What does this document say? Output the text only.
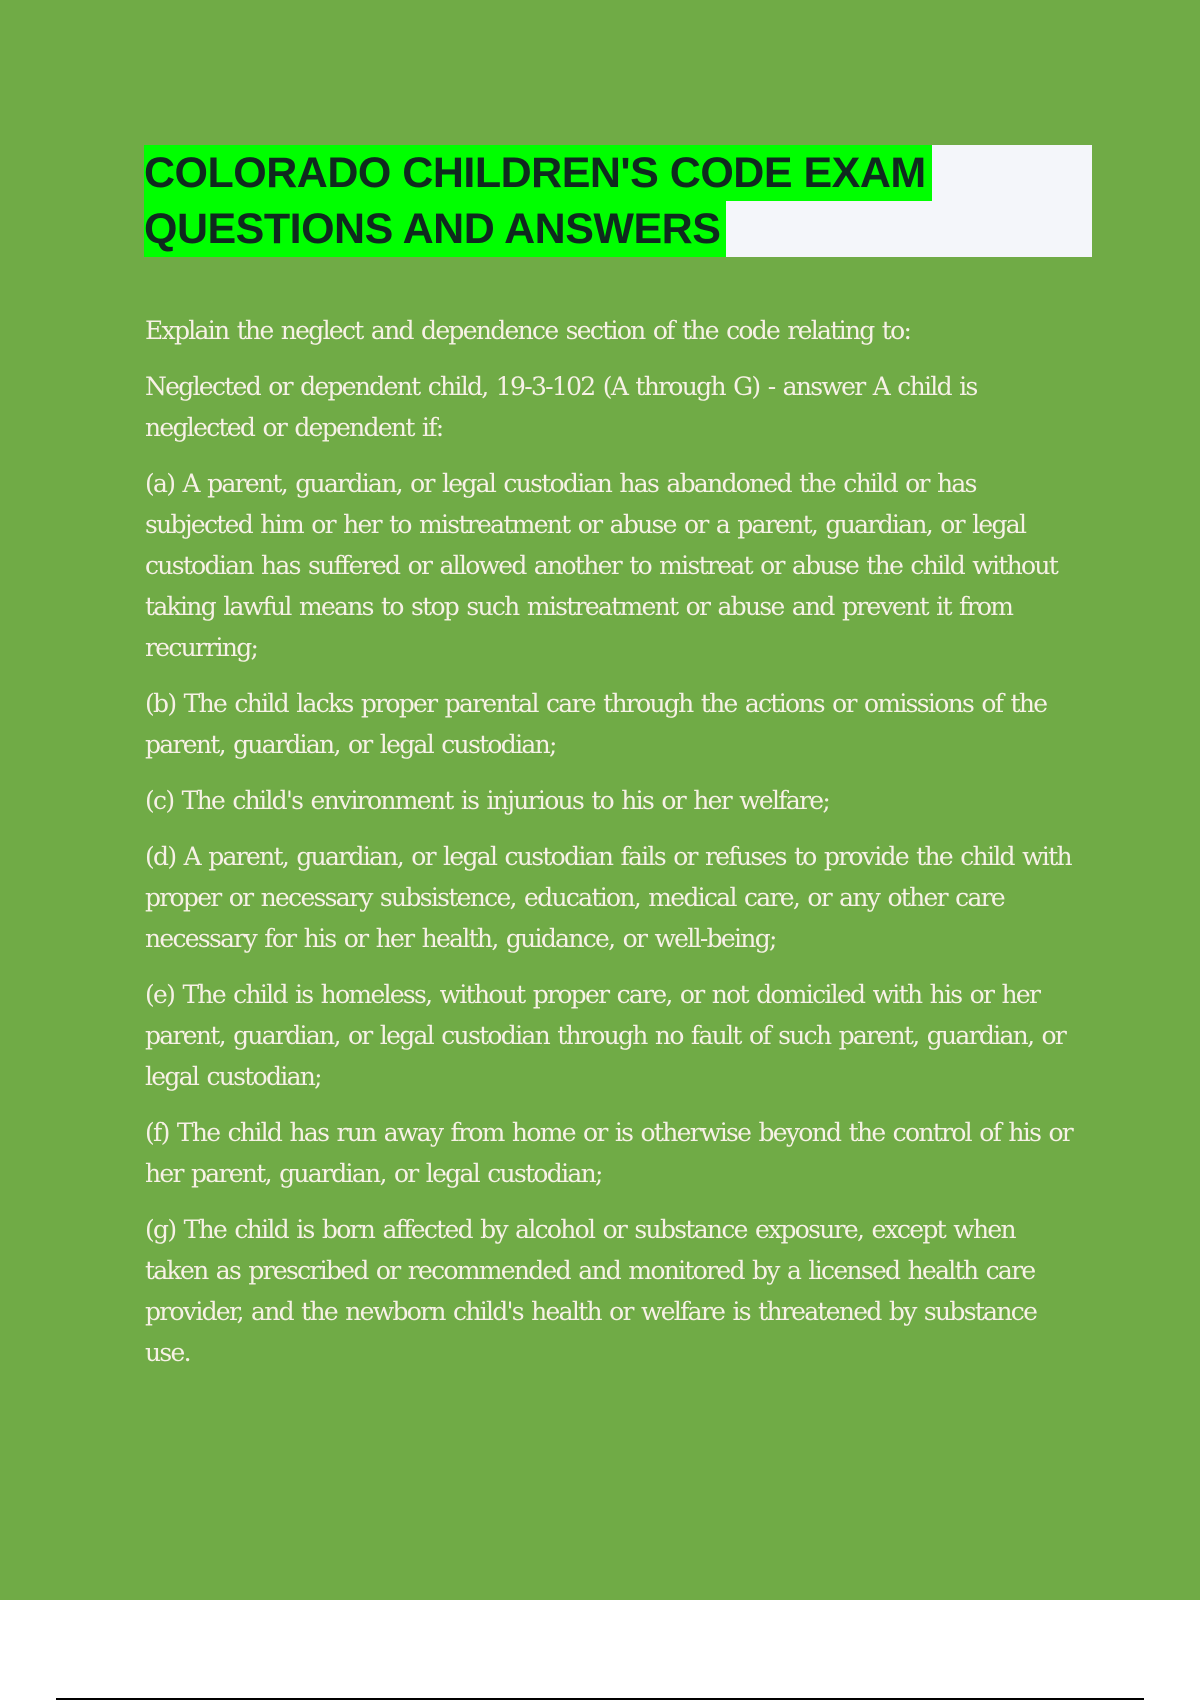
COLORADO CHILDREN'S CODE EXAM
QUESTIONS AND ANSWERS

Explain the neglect and dependence section of the code relating to:

Neglected or dependent child, 19-3-102 (A through G) - answer A child is neglected or dependent if:

(a) A parent, guardian, or legal custodian has abandoned the child or has subjected him or her to mistreatment or abuse or a parent, guardian, or legal custodian has suffered or allowed another to mistreat or abuse the child without taking lawful means to stop such mistreatment or abuse and prevent it from recurring;

(b) The child lacks proper parental care through the actions or omissions of the parent, guardian, or legal custodian;

(c) The child's environment is injurious to his or her welfare;

(d) A parent, guardian, or legal custodian fails or refuses to provide the child with proper or necessary subsistence, education, medical care, or any other care necessary for his or her health, guidance, or well-being;

(e) The child is homeless, without proper care, or not domiciled with his or her parent, guardian, or legal custodian through no fault of such parent, guardian, or legal custodian;

(f) The child has run away from home or is otherwise beyond the control of his or her parent, guardian, or legal custodian;

(g) The child is born affected by alcohol or substance exposure, except when taken as prescribed or recommended and monitored by a licensed health care provider, and the newborn child's health or welfare is threatened by substance use.
